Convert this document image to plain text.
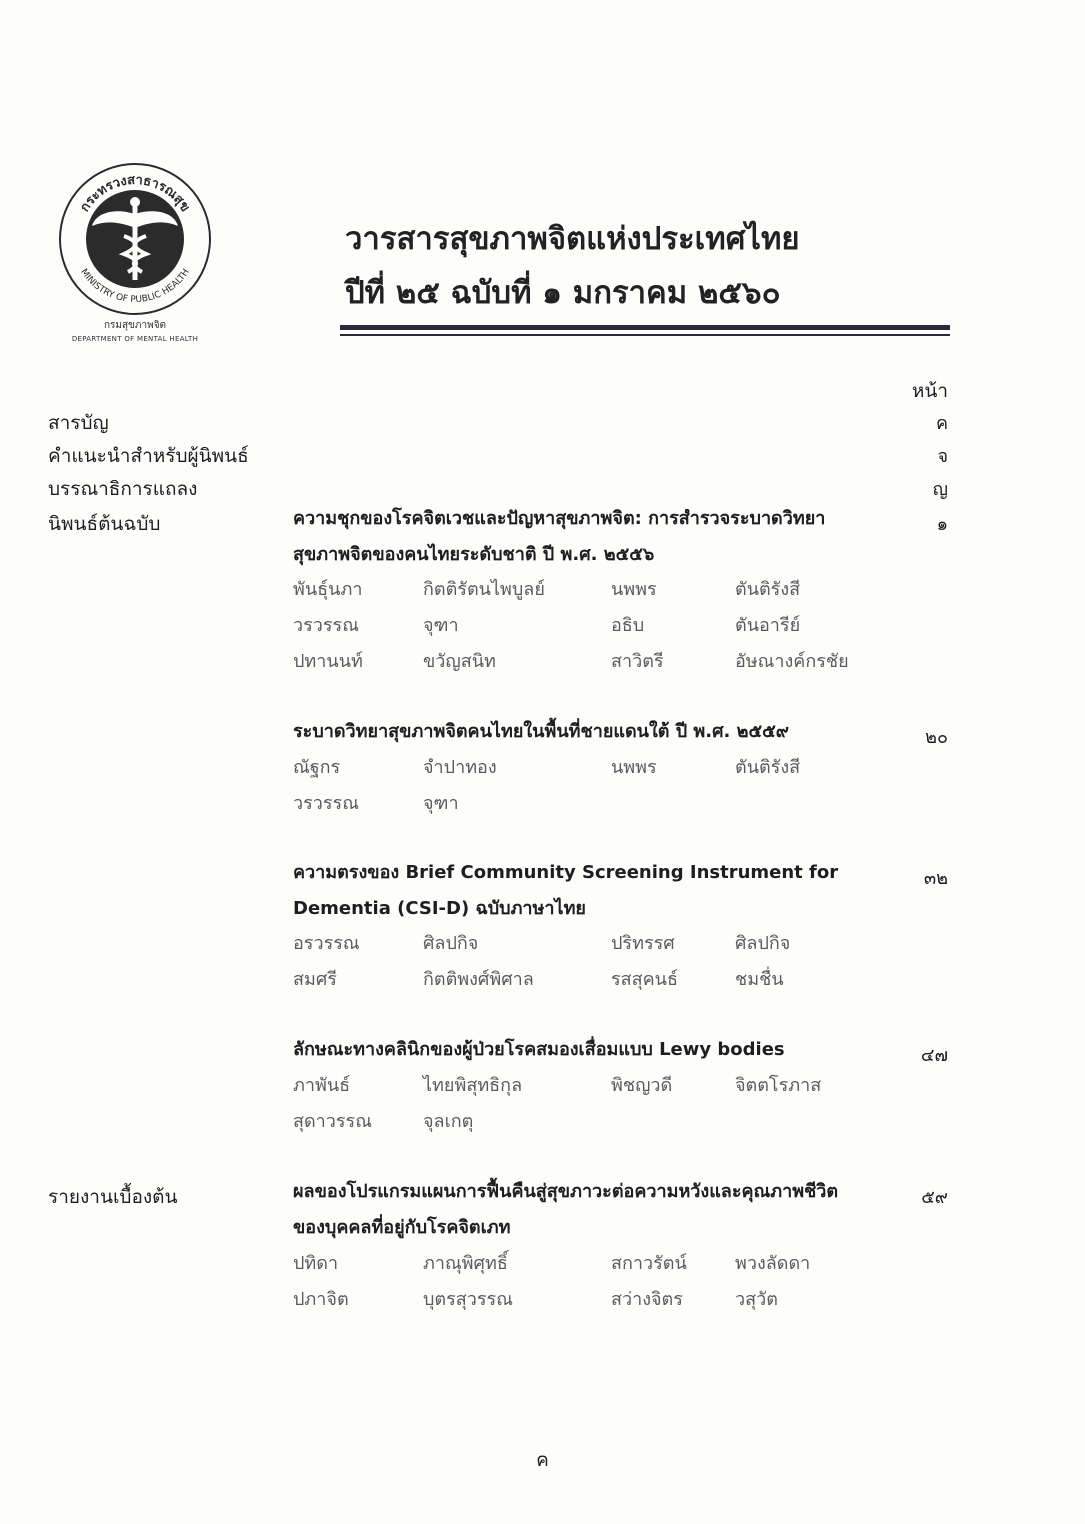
กระทรวงสาธารณสุข
MINISTRY OF PUBLIC HEALTH
กรมสุขภาพจิต
DEPARTMENT OF MENTAL HEALTH
วารสารสุขภาพจิตแห่งประเทศไทย
ปีที่ ๒๕ ฉบับที่ ๑ มกราคม ๒๕๖๐
หน้า
สารบัญ	ค
คำแนะนำสำหรับผู้นิพนธ์	จ
บรรณาธิการแถลง	ญ
นิพนธ์ต้นฉบับ	ความชุกของโรคจิตเวชและปัญหาสุขภาพจิต: การสำรวจระบาดวิทยา
สุขภาพจิตของคนไทยระดับชาติ ปี พ.ศ. ๒๕๕๖
๑
พันธุ์นภา	กิตติรัตนไพบูลย์	นพพร	ตันติรังสี
วรวรรณ	จุฑา	อธิบ	ตันอารีย์
ปทานนท์	ขวัญสนิท	สาวิตรี	อัษณางค์กรชัย
ระบาดวิทยาสุขภาพจิตคนไทยในพื้นที่ชายแดนใต้ ปี พ.ศ. ๒๕๕๙	๒๐
ณัฐกร	จำปาทอง	นพพร	ตันติรังสี
วรวรรณ	จุฑา
ความตรงของ Brief Community Screening Instrument for
Dementia (CSI-D) ฉบับภาษาไทย
๓๒
อรวรรณ	ศิลปกิจ	ปริทรรศ	ศิลปกิจ
สมศรี	กิตติพงศ์พิศาล	รสสุคนธ์	ชมชื่น
ลักษณะทางคลินิกของผู้ป่วยโรคสมองเสื่อมแบบ Lewy bodies	๔๗
ภาพันธ์	ไทยพิสุทธิกุล	พิชญวดี	จิตตโรภาส
สุดาวรรณ	จุลเกตุ
รายงานเบื้องต้น	ผลของโปรแกรมแผนการฟื้นคืนสู่สุขภาวะต่อความหวังและคุณภาพชีวิต
ของบุคคลที่อยู่กับโรคจิตเภท
๕๙
ปทิดา	ภาณุพิศุทธิ์	สกาวรัตน์	พวงลัดดา
ปภาจิต	บุตรสุวรรณ	สว่างจิตร	วสุวัต
ค
